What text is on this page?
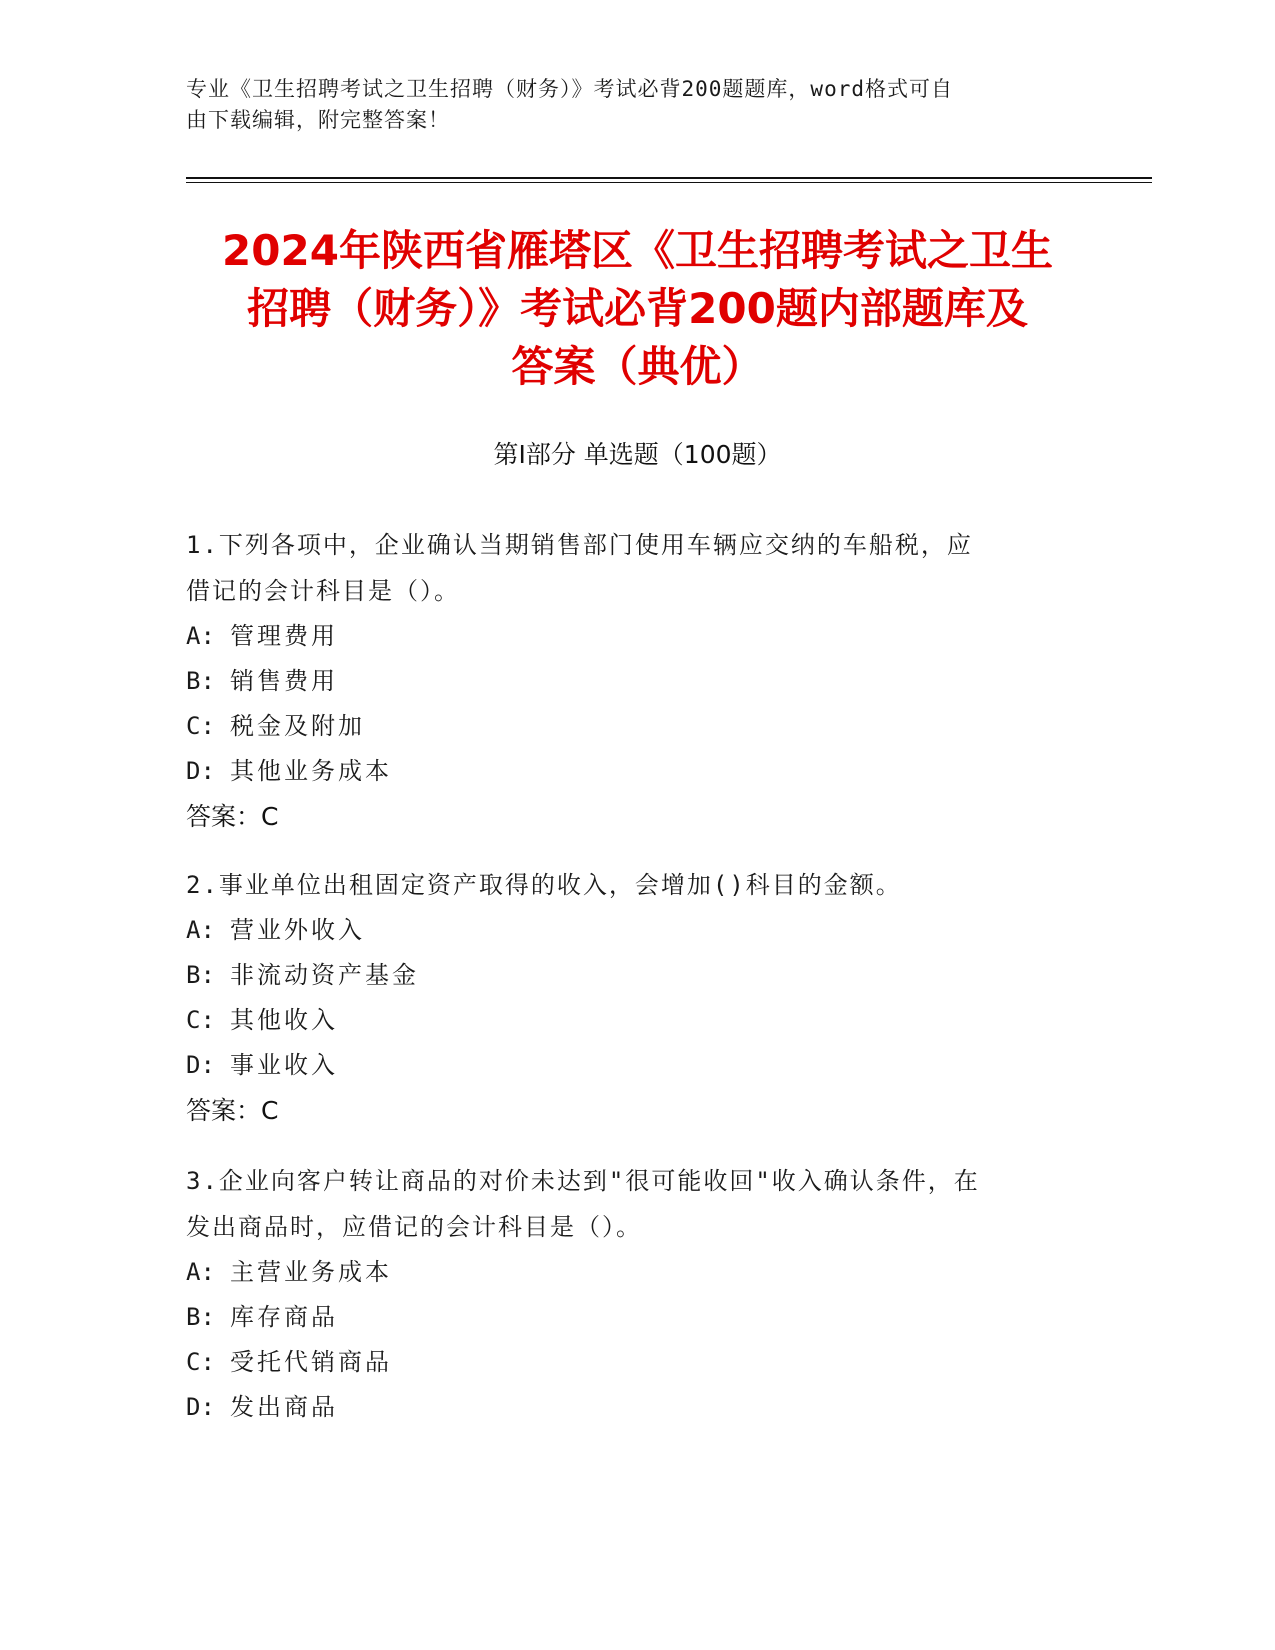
专业《卫生招聘考试之卫生招聘（财务）》考试必背200题题库，word格式可自
由下载编辑，附完整答案！
2024年陕西省雁塔区《卫生招聘考试之卫生
招聘（财务）》考试必背200题内部题库及
答案（典优）
第Ⅰ部分 单选题（100题）
1.下列各项中，企业确认当期销售部门使用车辆应交纳的车船税，应
借记的会计科目是（）。
A: 管理费用
B: 销售费用
C: 税金及附加
D: 其他业务成本
答案：C
2.事业单位出租固定资产取得的收入，会增加()科目的金额。
A: 营业外收入
B: 非流动资产基金
C: 其他收入
D: 事业收入
答案：C
3.企业向客户转让商品的对价未达到"很可能收回"收入确认条件，在
发出商品时，应借记的会计科目是（）。
A: 主营业务成本
B: 库存商品
C: 受托代销商品
D: 发出商品
